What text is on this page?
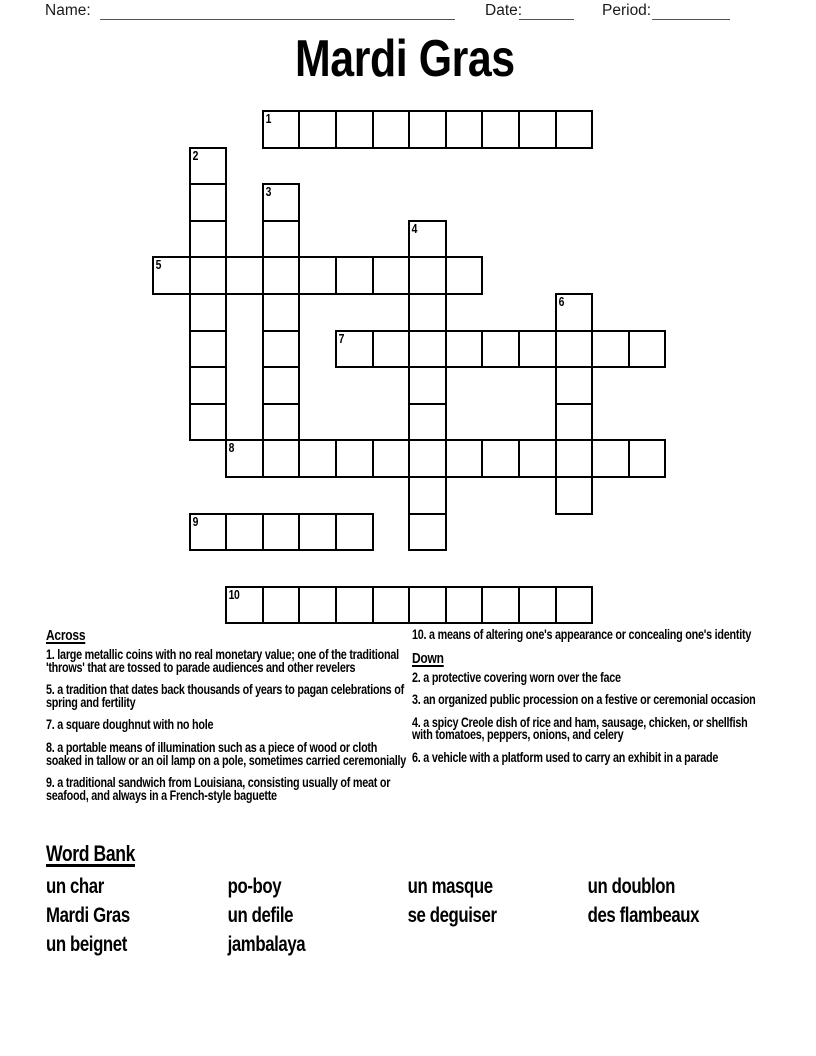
Name:	Date:	Period:
Mardi Gras
1
2
3
4
5
6
7
8
9
10
Across

1. large metallic coins with no real monetary value; one of the traditional 'throws' that are tossed to parade audiences and other revelers

5. a tradition that dates back thousands of years to pagan celebrations of spring and fertility

7. a square doughnut with no hole

8. a portable means of illumination such as a piece of wood or cloth soaked in tallow or an oil lamp on a pole, sometimes carried ceremonially

9. a traditional sandwich from Louisiana, consisting usually of meat or seafood, and always in a French-style baguette

10. a means of altering one's appearance or concealing one's identity

Down

2. a protective covering worn over the face

3. an organized public procession on a festive or ceremonial occasion

4. a spicy Creole dish of rice and ham, sausage, chicken, or shellfish with tomatoes, peppers, onions, and celery

6. a vehicle with a platform used to carry an exhibit in a parade

Word Bank
un char
Mardi Gras
un beignet
po-boy
un defile
jambalaya
un masque
se deguiser
un doublon
des flambeaux
